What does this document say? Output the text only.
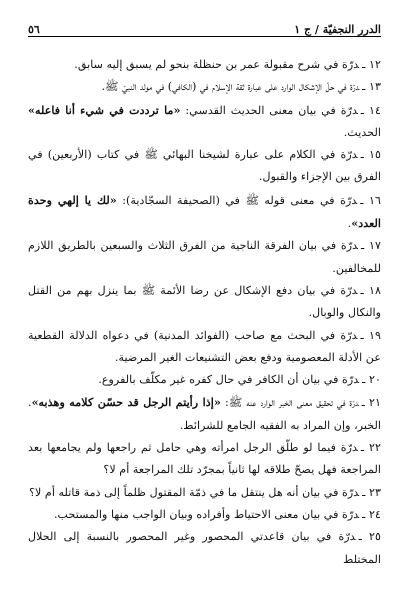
الدرر النجفيّة / ج ١
٥٦

١٢ ـدرّة في شرح مقبولة عمر بن حنظلة بنحو لم يسبق إليه سابق.

١٣ ـدرّة في حلّ الإشكال الوارد على عبارة ثقة الإسلام في (الكافي) في مولد النبيّ ﷺ.

١٤ ـدرّة في بيان معنى الحديث القدسي: «ما ترددت في شيء أنا فاعله» الحديث.

١٥ ـدرّة في الكلام على عبارة لشيخنا البهائي ﷺ في كتاب (الأربعين) في الفرق بين الإجزاء والقبول.

١٦ ـدرّة في معنى قوله ﷺ في (الصحيفة السجّادية): «لك يا إلهي وحدة العدد».

١٧ ـدرّة في بيان الفرقة الناجية من الفرق الثلاث والسبعين بالطريق اللازم للمخالفين.

١٨ ـدرّة في بيان دفع الإشكال عن رضا الأئمة ﷺ بما ينزل بهم من القتل والنكال والوبال.

١٩ ـدرّة في البحث مع صاحب (الفوائد المدنية) في دعواه الدلالة القطعية عن الأدلة المعصومية ودفع بعض التشنيعات الغير المرضية.

٢٠ ـدرّة في بيان أن الكافر في حال كفره غير مكلّف بالفروع.

٢١ ـدرّة في تحقيق معنى الخبر الوارد عنه ﷺ: «إذا رأيتم الرجل قد حسّن كلامه وهذبه». الخبر، وإن المراد به الفقيه الجامع للشرائط.

٢٢ ـدرّة فيما لو طلّق الرجل امرأته وهي حامل ثم راجعها ولم يجامعها بعد المراجعة فهل يصحّ طلاقه لها ثانياً بمجرّد تلك المراجعة أم لا؟

٢٣ ـدرّة في بيان أنه هل ينتقل ما في ذمّة المقتول ظلماً إلى ذمة قاتله أم لا؟

٢٤ ـدرّة في بيان معنى الاحتياط وأفراده وبيان الواجب منها والمستحب.

٢٥ ـدرّة في بيان قاعدتي المحصور وغير المحصور بالنسبة إلى الحلال المختلط
